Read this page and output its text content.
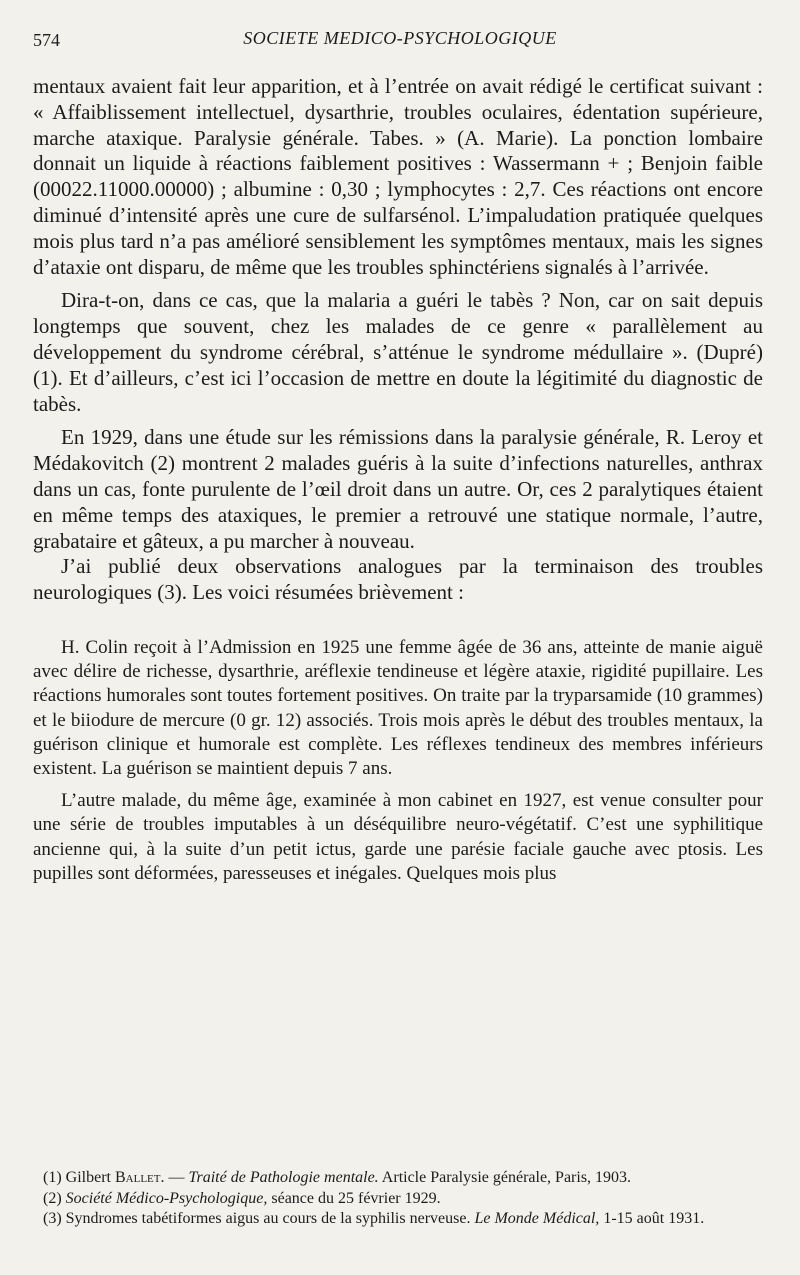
574	SOCIETE MEDICO-PSYCHOLOGIQUE

mentaux avaient fait leur apparition, et à l’entrée on avait rédigé le certificat suivant : « Affaiblissement intellectuel, dysarthrie, troubles oculaires, édentation supérieure, marche ataxique. Paralysie générale. Tabes. » (A. Marie). La ponction lombaire donnait un liquide à réactions faiblement positives : Wassermann + ; Benjoin faible (00022.11000.00000) ; albumine : 0,30 ; lymphocytes : 2,7. Ces réactions ont encore diminué d’intensité après une cure de sulfarsénol. L’impaludation pratiquée quelques mois plus tard n’a pas amélioré sensiblement les symptômes mentaux, mais les signes d’ataxie ont disparu, de même que les troubles sphinctériens signalés à l’arrivée.

Dira-t-on, dans ce cas, que la malaria a guéri le tabès ? Non, car on sait depuis longtemps que souvent, chez les malades de ce genre « parallèlement au développement du syndrome cérébral, s’atténue le syndrome médullaire ». (Dupré) (1). Et d’ailleurs, c’est ici l’occasion de mettre en doute la légitimité du diagnostic de tabès.

En 1929, dans une étude sur les rémissions dans la paralysie générale, R. Leroy et Médakovitch (2) montrent 2 malades guéris à la suite d’infections naturelles, anthrax dans un cas, fonte purulente de l’œil droit dans un autre. Or, ces 2 paralytiques étaient en même temps des ataxiques, le premier a retrouvé une statique normale, l’autre, grabataire et gâteux, a pu marcher à nouveau.

J’ai publié deux observations analogues par la terminaison des troubles neurologiques (3). Les voici résumées brièvement :

H. Colin reçoit à l’Admission en 1925 une femme âgée de 36 ans, atteinte de manie aiguë avec délire de richesse, dysarthrie, aréflexie tendineuse et légère ataxie, rigidité pupillaire. Les réactions humorales sont toutes fortement positives. On traite par la tryparsamide (10 grammes) et le biiodure de mercure (0 gr. 12) associés. Trois mois après le début des troubles mentaux, la guérison clinique et humorale est complète. Les réflexes tendineux des membres inférieurs existent. La guérison se maintient depuis 7 ans.

L’autre malade, du même âge, examinée à mon cabinet en 1927, est venue consulter pour une série de troubles imputables à un déséquilibre neuro-végétatif. C’est une syphilitique ancienne qui, à la suite d’un petit ictus, garde une parésie faciale gauche avec ptosis. Les pupilles sont déformées, paresseuses et inégales. Quelques mois plus

(1) Gilbert Ballet. — Traité de Pathologie mentale. Article Paralysie générale, Paris, 1903.

(2) Société Médico-Psychologique, séance du 25 février 1929.

(3) Syndromes tabétiformes aigus au cours de la syphilis nerveuse. Le Monde Médical, 1-15 août 1931.
